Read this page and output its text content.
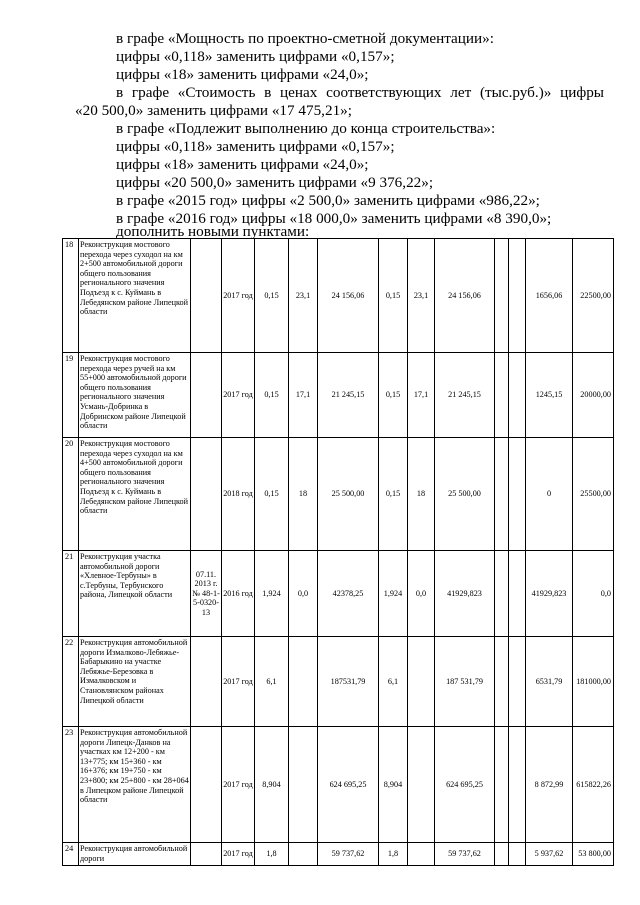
в графе «Мощность по проектно-сметной документации»:
цифры «0,118» заменить цифрами «0,157»;
цифры «18» заменить цифрами «24,0»;
в графе «Стоимость в ценах соответствующих лет (тыс.руб.)» цифры
«20 500,0» заменить цифрами «17 475,21»;
в графе «Подлежит выполнению до конца строительства»:
цифры «0,118» заменить цифрами «0,157»;
цифры «18» заменить цифрами «24,0»;
цифры «20 500,0» заменить цифрами «9 376,22»;
в графе «2015 год» цифры «2 500,0» заменить цифрами «986,22»;
в графе «2016 год» цифры «18 000,0» заменить цифрами «8 390,0»;
дополнить новыми пунктами:
18	Реконструкция мостового перехода через суходол на км 2+500 автомобильной дороги общего пользования регионального значения Подъезд к с. Куймань в Лебедянском районе Липецкой области		2017 год	0,15	23,1	24 156,06	0,15	23,1	24 156,06			1656,06	22500,00
19	Реконструкция мостового перехода через ручей на км 55+000 автомобильной дороги общего пользования регионального значения Усмань-Добринка в Добринском районе Липецкой области		2017 год	0,15	17,1	21 245,15	0,15	17,1	21 245,15			1245,15	20000,00
20	Реконструкция мостового перехода через суходол на км 4+500 автомобильной дороги общего пользования регионального значения Подъезд к с. Куймань в Лебедянском районе Липецкой области		2018 год	0,15	18	25 500,00	0,15	18	25 500,00			0	25500,00
21	Реконструкция участка автомобильной дороги «Хлевное-Тербуны» в с.Тербуны, Тербунского района, Липецкой области	07.11. 2013 г. № 48-1-5-0320-13	2016 год	1,924	0,0	42378,25	1,924	0,0	41929,823			41929,823	0,0
22	Реконструкция автомобильной дороги Измалково-Лебяжье-Бабарыкино на участке Лебяжье-Березовка в Измалковском и Становлянском районах Липецкой области		2017 год	6,1		187531,79	6,1		187 531,79			6531,79	181000,00
23	Реконструкция автомобильной дороги Липецк-Данков на участках км 12+200 - км 13+775; км 15+360 - км 16+376; км 19+750 - км 23+800; км 25+800 - км 28+064 в Липецком районе Липецкой области		2017 год	8,904		624 695,25	8,904		624 695,25			8 872,99	615822,26
24	Реконструкция автомобильной дороги		2017 год	1,8		59 737,62	1,8		59 737,62			5 937,62	53 800,00
